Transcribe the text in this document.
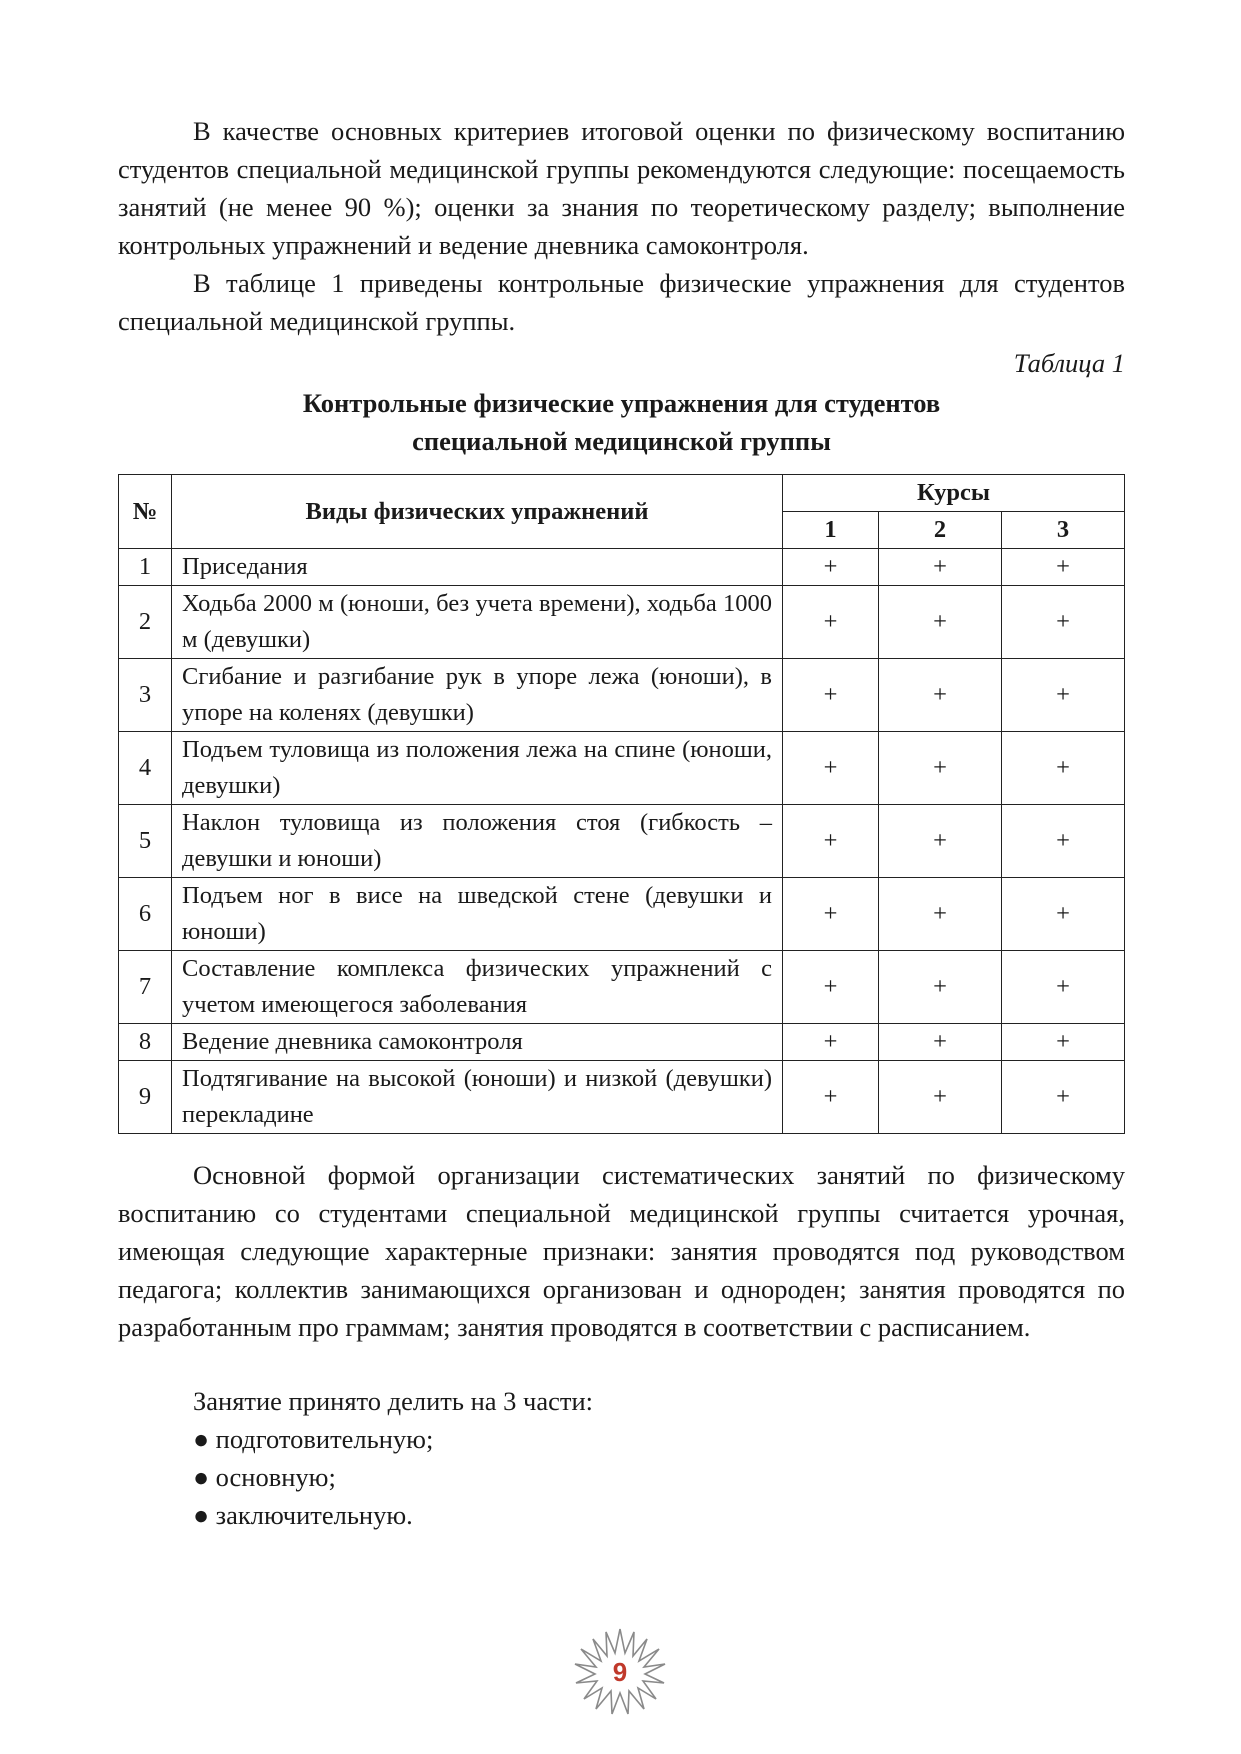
В качестве основных критериев итоговой оценки по физическому воспитанию студентов специальной медицинской группы рекомендуются следующие: посещаемость занятий (не менее 90 %); оценки за знания по теоретическому разделу; выполнение контрольных упражнений и ведение дневника самоконтроля.

В таблице 1 приведены контрольные физические упражнения для студентов специальной медицинской группы.

Таблица 1
Контрольные физические упражнения для студентов
специальной медицинской группы
№	Виды физических упражнений	Курсы		
		1	2	3
1	Приседания	+	+	+
2	Ходьба 2000 м (юноши, без учета времени), ходьба 1000 м (девушки)	+	+	+
3	Сгибание и разгибание рук в упоре лежа (юноши), в упоре на коленях (девушки)	+	+	+
4	Подъем туловища из положения лежа на спине (юноши, девушки)	+	+	+
5	Наклон туловища из положения стоя (гибкость – девушки и юноши)	+	+	+
6	Подъем ног в висе на шведской стене (девушки и юноши)	+	+	+
7	Составление комплекса физических упражнений с учетом имеющегося заболевания	+	+	+
8	Ведение дневника самоконтроля	+	+	+
9	Подтягивание на высокой (юноши) и низкой (девушки) перекладине	+	+	+

Основной формой организации систематических занятий по физическому воспитанию со студентами специальной медицинской группы считается урочная, имеющая следующие характерные признаки: занятия проводятся под руководством педагога; коллектив занимающихся организован и однороден; занятия проводятся по разработанным про граммам; занятия проводятся в соответствии с расписанием.

Занятие принято делить на 3 части:

● подготовительную;
● основную;
● заключительную.
9
